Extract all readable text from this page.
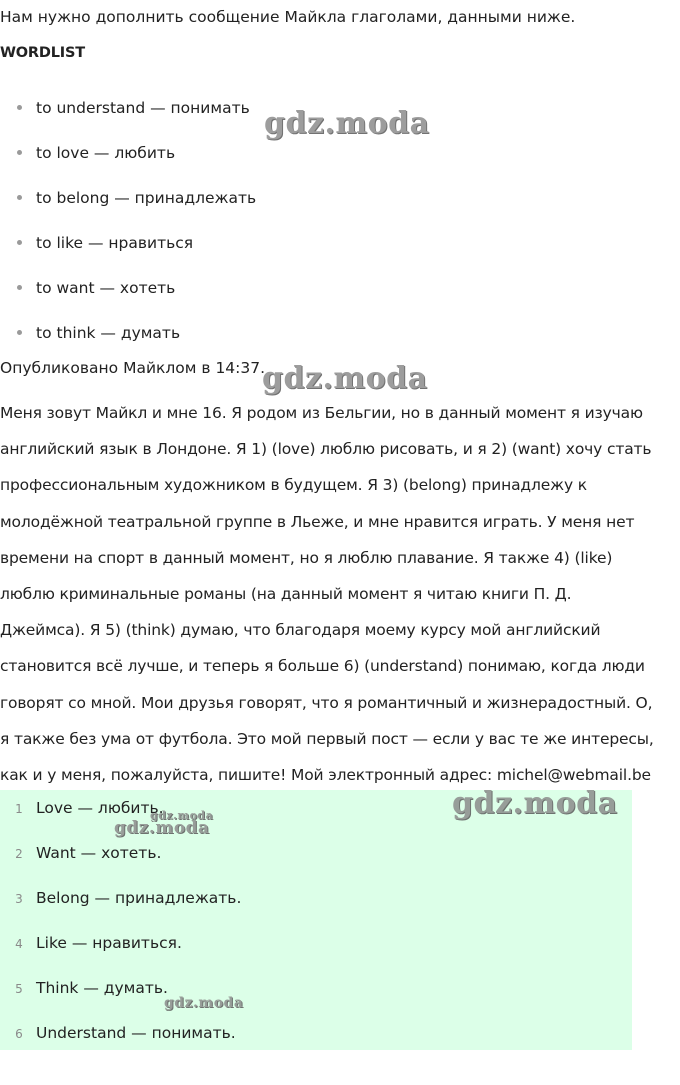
Нам нужно дополнить сообщение Майкла глаголами, данными ниже.
WORDLIST
to understand — понимать
to love — любить
to belong — принадлежать
to like — нравиться
to want — хотеть
to think — думать
Опубликовано Майклом в 14:37.

Меня зовут Майкл и мне 16. Я родом из Бельгии, но в данный момент я изучаю
английский язык в Лондоне. Я 1) (love) люблю рисовать, и я 2) (want) хочу стать
профессиональным художником в будущем. Я 3) (belong) принадлежу к
молодёжной театральной группе в Льеже, и мне нравится играть. У меня нет
времени на спорт в данный момент, но я люблю плавание. Я также 4) (like)
люблю криминальные романы (на данный момент я читаю книги П. Д.
Джеймса). Я 5) (think) думаю, что благодаря моему курсу мой английский
становится всё лучше, и теперь я больше 6) (understand) понимаю, когда люди
говорят со мной. Мои друзья говорят, что я романтичный и жизнерадостный. О,
я также без ума от футбола. Это мой первый пост — если у вас те же интересы,
как и у меня, пожалуйста, пишите! Мой электронный адрес: michel@webmail.be

1 Love — любить.
2 Want — хотеть.
3 Belong — принадлежать.
4 Like — нравиться.
5 Think — думать.
6 Understand — понимать.
gdz.moda
gdz.moda
gdz.moda
gdz.moda
gdz.moda
gdz.moda
